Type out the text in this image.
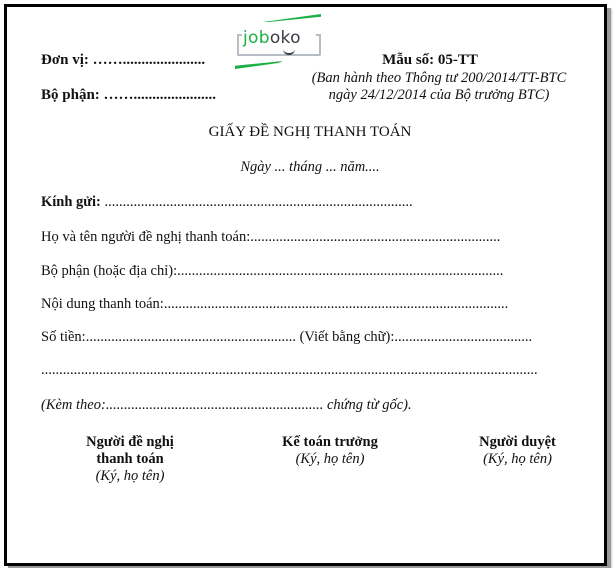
Đơn vị: ……......................
Bộ phận: ……......................
joboko
Mẫu số: 05-TT
(Ban hành theo Thông tư 200/2014/TT-BTC
ngày 24/12/2014 của Bộ trưởng BTC)
GIẤY ĐỀ NGHỊ THANH TOÁN
Ngày ... tháng ... năm....
Kính gửi: .....................................................................................
Họ và tên người đề nghị thanh toán:.....................................................................
Bộ phận (hoặc địa chỉ):..........................................................................................
Nội dung thanh toán:...............................................................................................
Số tiền:.......................................................... (Viết bằng chữ):......................................
.........................................................................................................................................
(Kèm theo:............................................................ chứng từ gốc).
Người đề nghị
thanh toán
(Ký, họ tên)
Kế toán trưởng
(Ký, họ tên)
Người duyệt
(Ký, họ tên)
